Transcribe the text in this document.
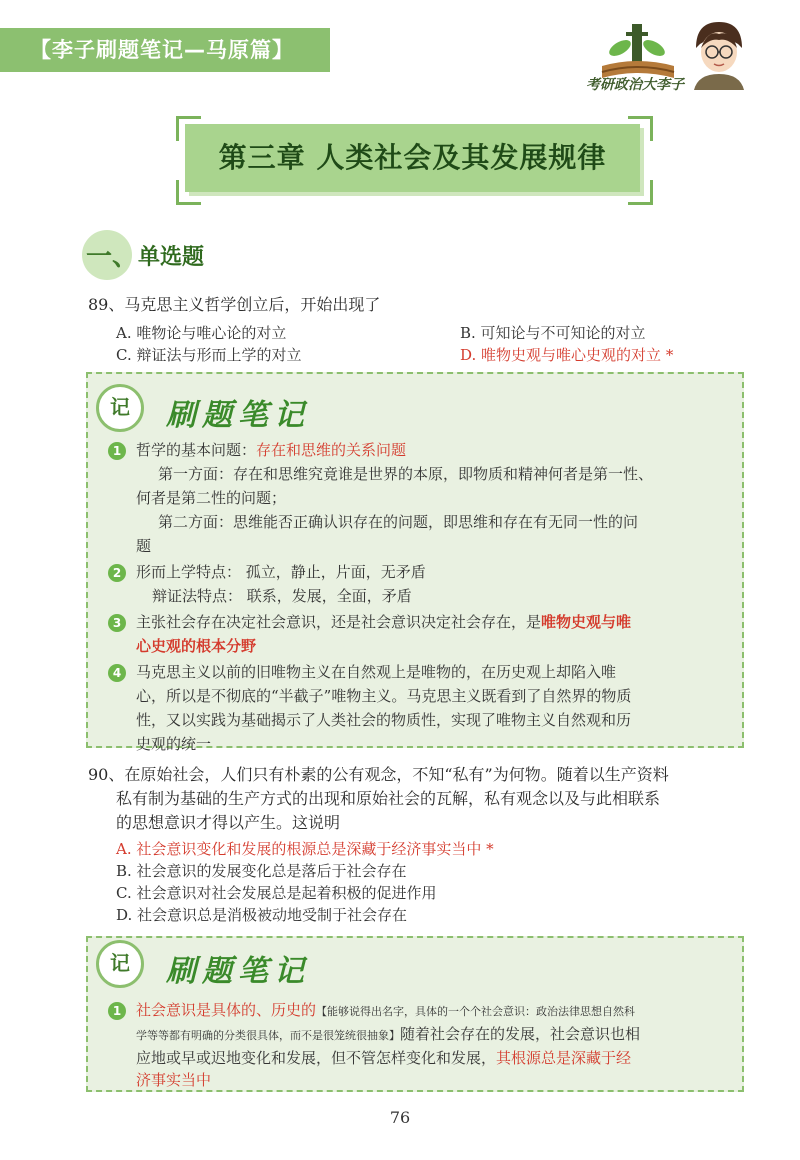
【李子刷题笔记—马原篇】
考研政治大李子
第三章 人类社会及其发展规律
一、 单选题
89、马克思主义哲学创立后，开始出现了
A. 唯物论与唯心论的对立	B. 可知论与不可知论的对立
C. 辩证法与形而上学的对立	D. 唯物史观与唯心史观的对立 *
记	刷题笔记
1 哲学的基本问题：存在和思维的关系问题
第一方面：存在和思维究竟谁是世界的本原，即物质和精神何者是第一性、
何者是第二性的问题；
第二方面：思维能否正确认识存在的问题，即思维和存在有无同一性的问
题
2 形而上学特点： 孤立，静止，片面，无矛盾
辩证法特点： 联系，发展，全面，矛盾
3 主张社会存在决定社会意识，还是社会意识决定社会存在，是唯物史观与唯
心史观的根本分野
4 马克思主义以前的旧唯物主义在自然观上是唯物的，在历史观上却陷入唯
心，所以是不彻底的“半截子”唯物主义。马克思主义既看到了自然界的物质
性，又以实践为基础揭示了人类社会的物质性，实现了唯物主义自然观和历
史观的统一
90、在原始社会，人们只有朴素的公有观念，不知“私有”为何物。随着以生产资料
私有制为基础的生产方式的出现和原始社会的瓦解，私有观念以及与此相联系
的思想意识才得以产生。这说明
A. 社会意识变化和发展的根源总是深藏于经济事实当中 *
B. 社会意识的发展变化总是落后于社会存在
C. 社会意识对社会发展总是起着积极的促进作用
D. 社会意识总是消极被动地受制于社会存在
记	刷题笔记
1 社会意识是具体的、历史的【能够说得出名字，具体的一个个社会意识：政治法律思想自然科
学等等都有明确的分类很具体，而不是很笼统很抽象】随着社会存在的发展，社会意识也相
应地或早或迟地变化和发展，但不管怎样变化和发展，其根源总是深藏于经
济事实当中
76
